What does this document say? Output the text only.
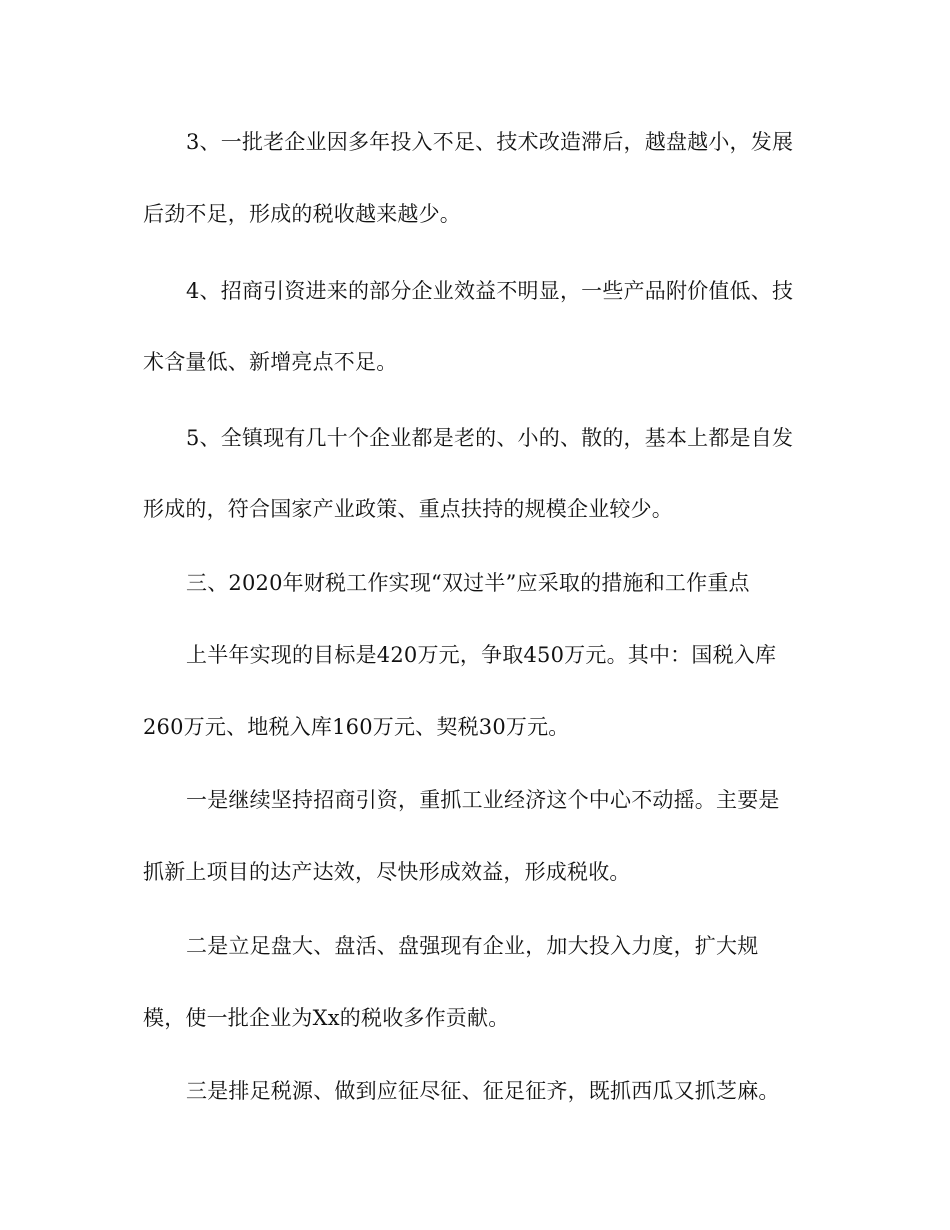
3、一批老企业因多年投入不足、技术改造滞后，越盘越小，发展
后劲不足，形成的税收越来越少。
4、招商引资进来的部分企业效益不明显，一些产品附价值低、技
术含量低、新增亮点不足。
5、全镇现有几十个企业都是老的、小的、散的，基本上都是自发
形成的，符合国家产业政策、重点扶持的规模企业较少。
三、2020年财税工作实现“双过半”应采取的措施和工作重点
上半年实现的目标是420万元，争取450万元。其中：国税入库
260万元、地税入库160万元、契税30万元。
一是继续坚持招商引资，重抓工业经济这个中心不动摇。主要是
抓新上项目的达产达效，尽快形成效益，形成税收。
二是立足盘大、盘活、盘强现有企业，加大投入力度，扩大规
模，使一批企业为Xx的税收多作贡献。
三是排足税源、做到应征尽征、征足征齐，既抓西瓜又抓芝麻。
